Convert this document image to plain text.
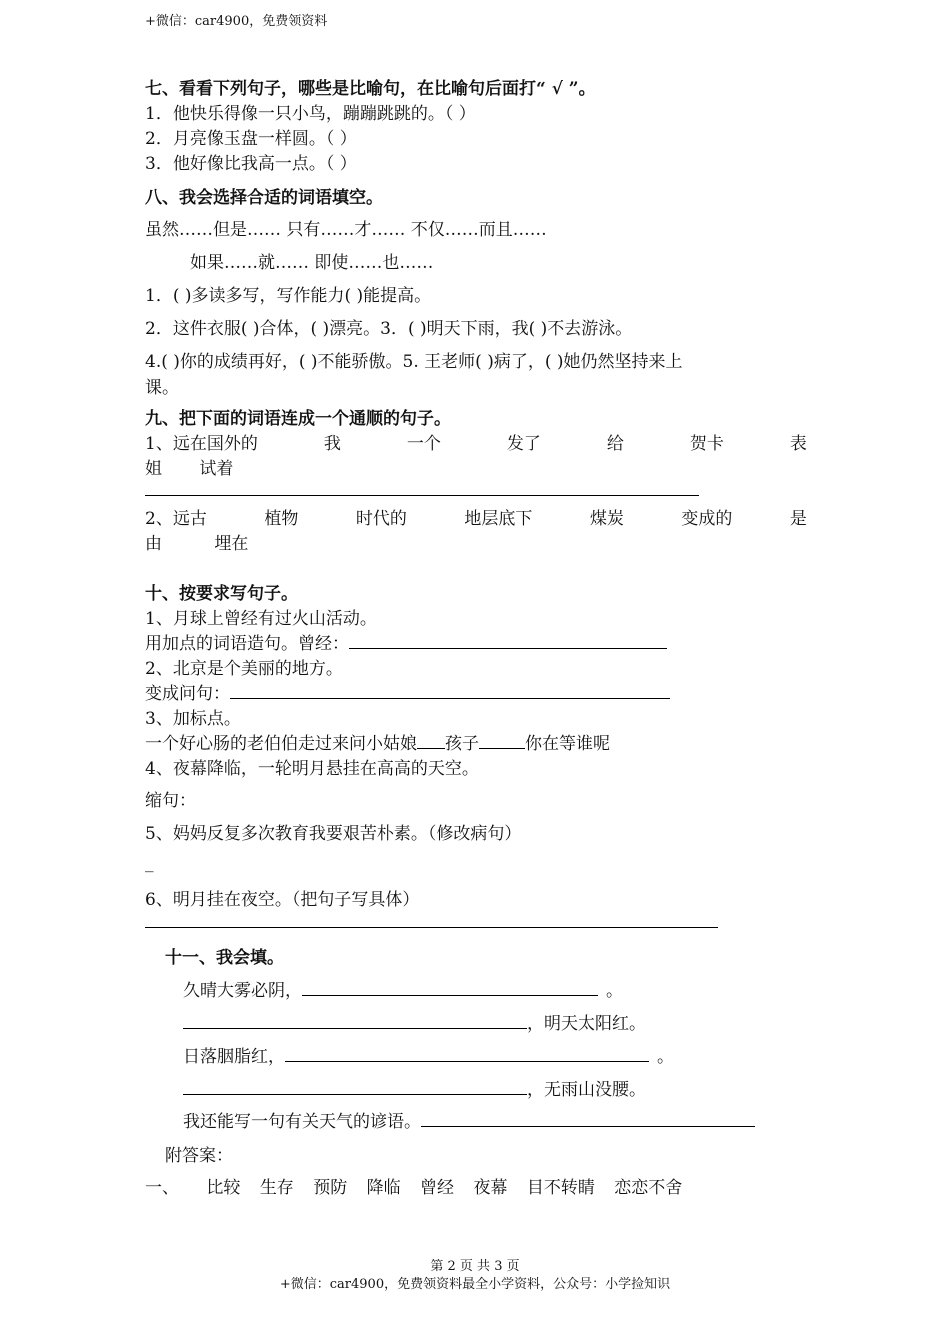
+微信：car4900，免费领资料
七、看看下列句子，哪些是比喻句，在比喻句后面打“ √ ”。
1．他快乐得像一只小鸟，蹦蹦跳跳的。（ ）
2．月亮像玉盘一样圆。（ ）
3．他好像比我高一点。（ ）
八、我会选择合适的词语填空。
虽然……但是…… 只有……才…… 不仅……而且……
如果……就…… 即使……也……
1．( )多读多写，写作能力( )能提高。
2．这件衣服( )合体，( )漂亮。3．( )明天下雨，我( )不去游泳。
4.( )你的成绩再好，( )不能骄傲。5. 王老师( )病了，( )她仍然坚持来上
课。
九、把下面的词语连成一个通顺的句子。
1、远在国外的	我	一个	发了	给	贺卡	表
姐 试着
2、远古	植物	时代的	地层底下	煤炭	变成的	是
由	埋在
十、按要求写句子。
1、月球上曾经有过火山活动。
用加点的词语造句。曾经：
2、北京是个美丽的地方。
变成问句：
3、加标点。
一个好心肠的老伯伯走过来问小姑娘 孩子	你在等谁呢
4、夜幕降临，一轮明月悬挂在高高的天空。
缩句：
5、妈妈反复多次教育我要艰苦朴素。（修改病句）
_
6、明月挂在夜空。（把句子写具体）
十一、我会填。
久晴大雾必阴，	。
，明天太阳红。
日落胭脂红，	。
，无雨山没腰。
我还能写一句有关天气的谚语。
附答案：
一、 比较 生存 预防 降临 曾经 夜幕 目不转睛 恋恋不舍
第 2 页 共 3 页
+微信：car4900，免费领资料最全小学资料，公众号：小学捡知识
